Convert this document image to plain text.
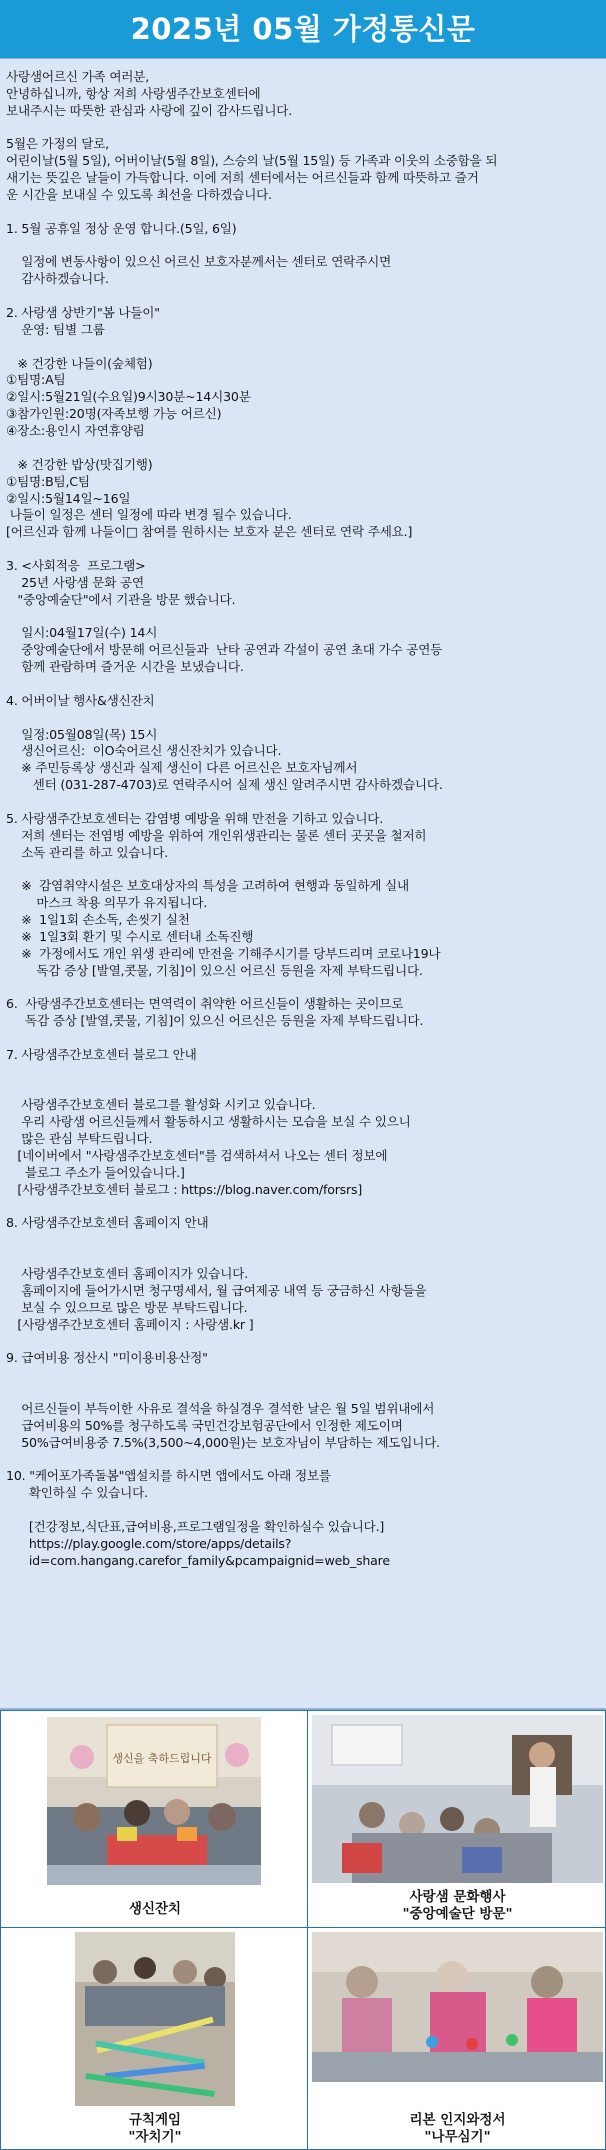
2025년 05월 가정통신문
사랑샘어르신 가족 여러분,
안녕하십니까, 항상 저희 사랑샘주간보호센터에
보내주시는 따뜻한 관심과 사랑에 깊이 감사드립니다.
5월은 가정의 달로,
어린이날(5월 5일), 어버이날(5월 8일), 스승의 날(5월 15일) 등 가족과 이웃의 소중함을 되
새기는 뜻깊은 날들이 가득합니다. 이에 저희 센터에서는 어르신들과 함께 따뜻하고 즐거
운 시간을 보내실 수 있도록 최선을 다하겠습니다.
1. 5월 공휴일 정상 운영 합니다.(5일, 6일)
일정에 변동사항이 있으신 어르신 보호자분께서는 센터로 연락주시면
감사하겠습니다.
2. 사랑샘 상반기"봄 나들이"
운영: 팀별 그룹
※ 건강한 나들이(숲체험)
①팀명:A팀
②일시:5월21일(수요일)9시30분~14시30분
③참가인원:20명(자족보행 가능 어르신)
④장소:용인시 자연휴양림
※ 건강한 밥상(맛집기행)
①팀명:B팀,C팀
②일시:5월14일~16일
나들이 일정은 센터 일정에 따라 변경 될수 있습니다.
[어르신과 함께 나들이□ 참여를 원하시는 보호자 분은 센터로 연락 주세요.]
3. <사회적응  프로그램>
25년 사랑샘 문화 공연
"중앙예술단"에서 기관을 방문 했습니다.
일시:04월17일(수) 14시
중앙예술단에서 방문해 어르신들과  난타 공연과 각설이 공연 초대 가수 공연등
함께 관람하며 즐거운 시간을 보냈습니다.
4. 어버이날 행사&생신잔치
일정:05월08일(목) 15시
생신어르신:  이O숙어르신 생신잔치가 있습니다.
※ 주민등록상 생신과 실제 생신이 다른 어르신은 보호자님께서
센터 (031-287-4703)로 연락주시어 실제 생신 알려주시면 감사하겠습니다.
5. 사랑샘주간보호센터는 감염병 예방을 위해 만전을 기하고 있습니다.
저희 센터는 전염병 예방을 위하여 개인위생관리는 물론 센터 곳곳을 철저히
소독 관리를 하고 있습니다.
※  감염취약시설은 보호대상자의 특성을 고려하여 현행과 동일하게 실내
마스크 착용 의무가 유지됩니다.
※  1일1회 손소독, 손씻기 실천
※  1일3회 환기 및 수시로 센터내 소독진행
※  가정에서도 개인 위생 관리에 만전을 기해주시기를 당부드리며 코로나19나
독감 증상 [발열,콧물, 기침]이 있으신 어르신 등원을 자제 부탁드립니다.
6.  사랑샘주간보호센터는 면역력이 취약한 어르신들이 생활하는 곳이므로
독감 증상 [발열,콧물, 기침]이 있으신 어르신은 등원을 자제 부탁드립니다.
7. 사랑샘주간보호센터 블로그 안내
사랑샘주간보호센터 블로그를 활성화 시키고 있습니다.
우리 사랑샘 어르신들께서 활동하시고 생활하시는 모습을 보실 수 있으니
많은 관심 부탁드립니다.
[네이버에서 "사랑샘주간보호센터"를 검색하셔서 나오는 센터 정보에
블로그 주소가 들어있습니다.]
[사랑샘주간보호센터 블로그 : https://blog.naver.com/forsrs]
8. 사랑샘주간보호센터 홈페이지 안내
사랑샘주간보호센터 홈페이지가 있습니다.
홈페이지에 들어가시면 청구명세서, 월 급여제공 내역 등 궁금하신 사항들을
보실 수 있으므로 많은 방문 부탁드립니다.
[사랑샘주간보호센터 홈페이지 : 사랑샘.kr ]
9. 급여비용 정산시 "미이용비용산정"
어르신들이 부득이한 사유로 결석을 하실경우 결석한 날은 월 5일 범위내에서
급여비용의 50%를 청구하도록 국민건강보험공단에서 인정한 제도이며
50%급여비용중 7.5%(3,500~4,000원)는 보호자님이 부담하는 제도입니다.
10. "케어포가족돌봄"앱설치를 하시면 앱에서도 아래 정보를
확인하실 수 있습니다.
[건강정보,식단표,급여비용,프로그램일정을 확인하실수 있습니다.]
https://play.google.com/store/apps/details?
id=com.hangang.carefor_family&pcampaignid=web_share
생신을 축하드립니다
생신잔치
사랑샘 문화행사
"중앙예술단 방문"
규칙게임
"자치기"
리본 인지와정서
"나무심기"
